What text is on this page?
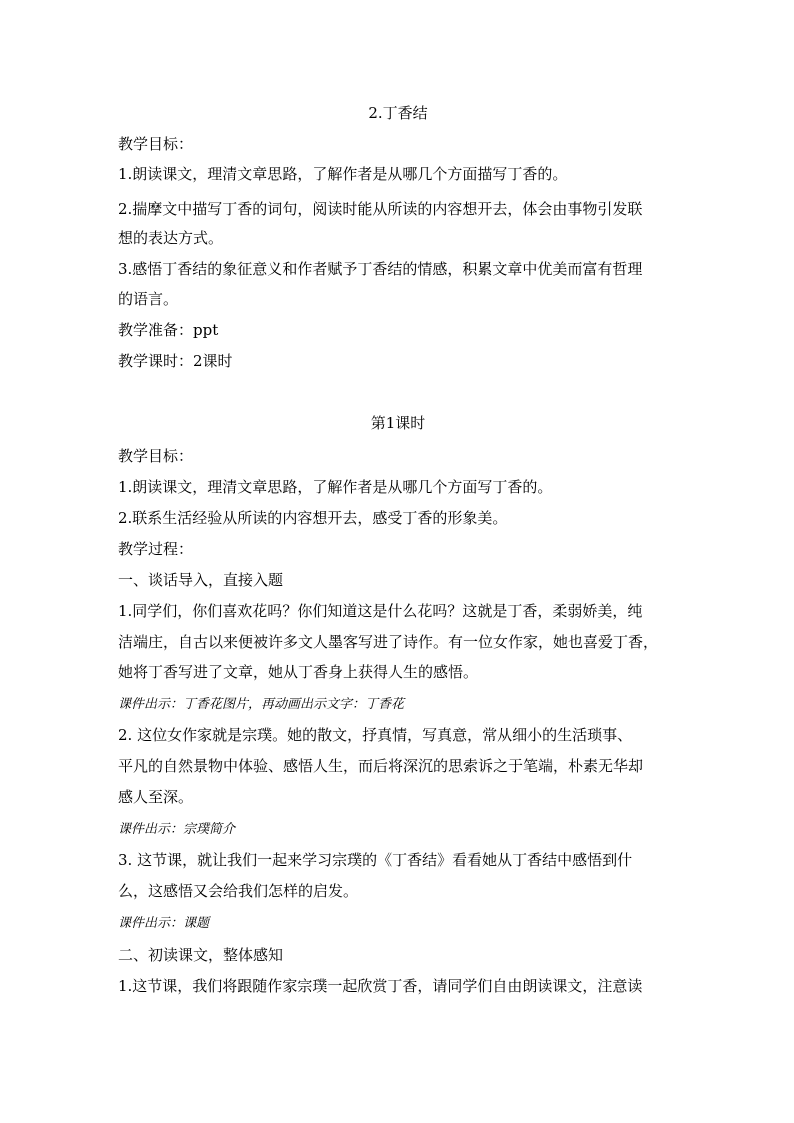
2.丁香结
教学目标：
1.朗读课文，理清文章思路，了解作者是从哪几个方面描写丁香的。
2.揣摩文中描写丁香的词句，阅读时能从所读的内容想开去，体会由事物引发联
想的表达方式。
3.感悟丁香结的象征意义和作者赋予丁香结的情感，积累文章中优美而富有哲理
的语言。
教学准备：ppt
教学课时：2课时
第1课时
教学目标：
1.朗读课文，理清文章思路，了解作者是从哪几个方面写丁香的。
2.联系生活经验从所读的内容想开去，感受丁香的形象美。
教学过程：
一、谈话导入，直接入题
1.同学们，你们喜欢花吗？你们知道这是什么花吗？这就是丁香，柔弱娇美，纯
洁端庄，自古以来便被许多文人墨客写进了诗作。有一位女作家，她也喜爱丁香，
她将丁香写进了文章，她从丁香身上获得人生的感悟。
课件出示：丁香花图片，再动画出示文字：丁香花
2. 这位女作家就是宗璞。她的散文，抒真情，写真意，常从细小的生活琐事、
平凡的自然景物中体验、感悟人生，而后将深沉的思索诉之于笔端，朴素无华却
感人至深。
课件出示：宗璞简介
3. 这节课，就让我们一起来学习宗璞的《丁香结》看看她从丁香结中感悟到什
么，这感悟又会给我们怎样的启发。
课件出示：课题
二、初读课文，整体感知
1.这节课，我们将跟随作家宗璞一起欣赏丁香，请同学们自由朗读课文，注意读
